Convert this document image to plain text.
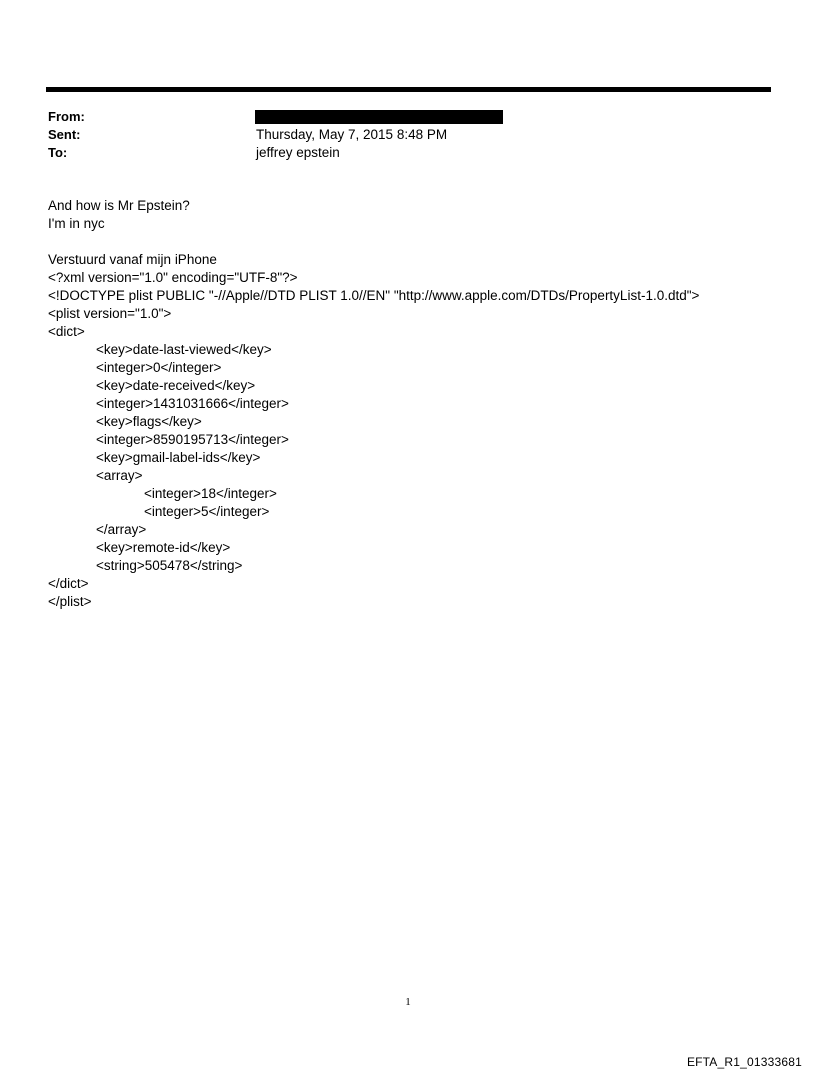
From:
Sent:	Thursday, May 7, 2015 8:48 PM
To:	jeffrey epstein
And how is Mr Epstein?
I'm in nyc
Verstuurd vanaf mijn iPhone
<?xml version="1.0" encoding="UTF-8"?>
<!DOCTYPE plist PUBLIC "-//Apple//DTD PLIST 1.0//EN" "http://www.apple.com/DTDs/PropertyList-1.0.dtd">
<plist version="1.0">
<dict>
<key>date-last-viewed</key>
<integer>0</integer>
<key>date-received</key>
<integer>1431031666</integer>
<key>flags</key>
<integer>8590195713</integer>
<key>gmail-label-ids</key>
<array>
<integer>18</integer>
<integer>5</integer>
</array>
<key>remote-id</key>
<string>505478</string>
</dict>
</plist>
1
EFTA_R1_01333681
